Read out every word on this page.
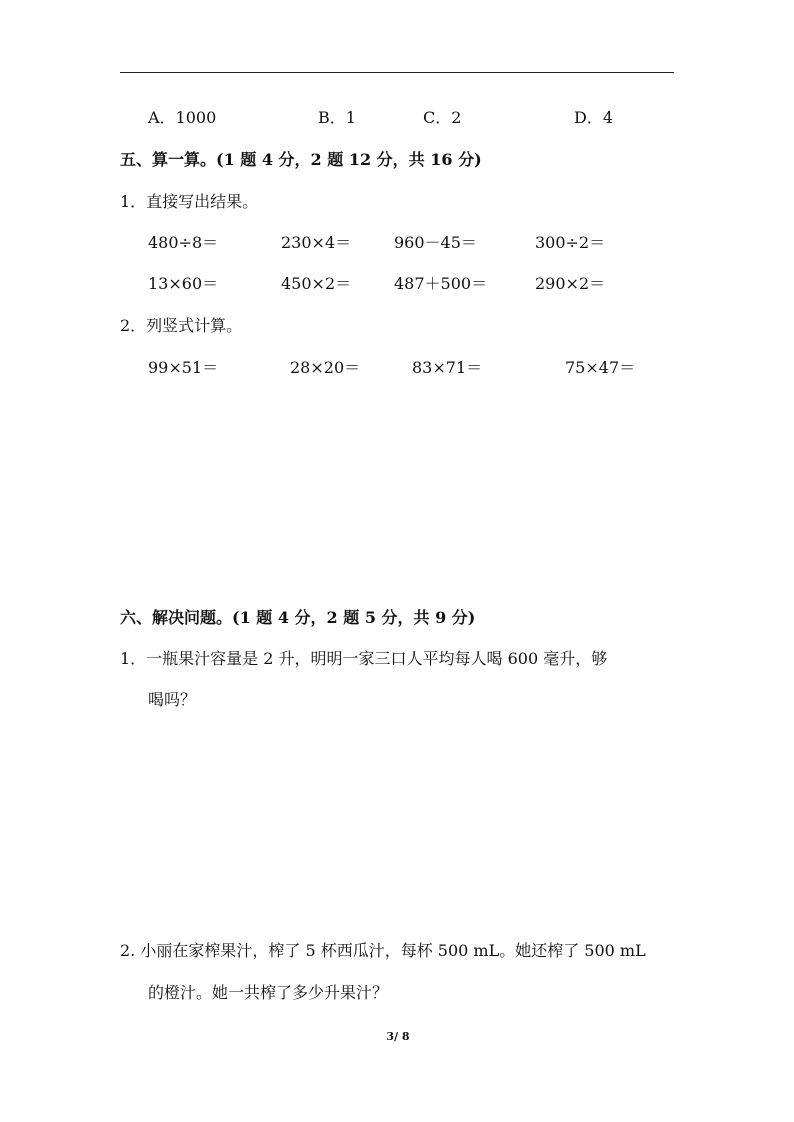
A．1000	B．1	C．2	D．4
五、算一算。(1 题 4 分，2 题 12 分，共 16 分)
1．直接写出结果。
480÷8＝	230×4＝	960－45＝	300÷2＝
13×60＝	450×2＝	487＋500＝	290×2＝
2．列竖式计算。
99×51＝	28×20＝	83×71＝	75×47＝
六、解决问题。(1 题 4 分，2 题 5 分，共 9 分)
1．一瓶果汁容量是 2 升，明明一家三口人平均每人喝 600 毫升，够
喝吗？
2. 小丽在家榨果汁，榨了 5 杯西瓜汁，每杯 500 mL。她还榨了 500 mL
的橙汁。她一共榨了多少升果汁？
3/ 8
